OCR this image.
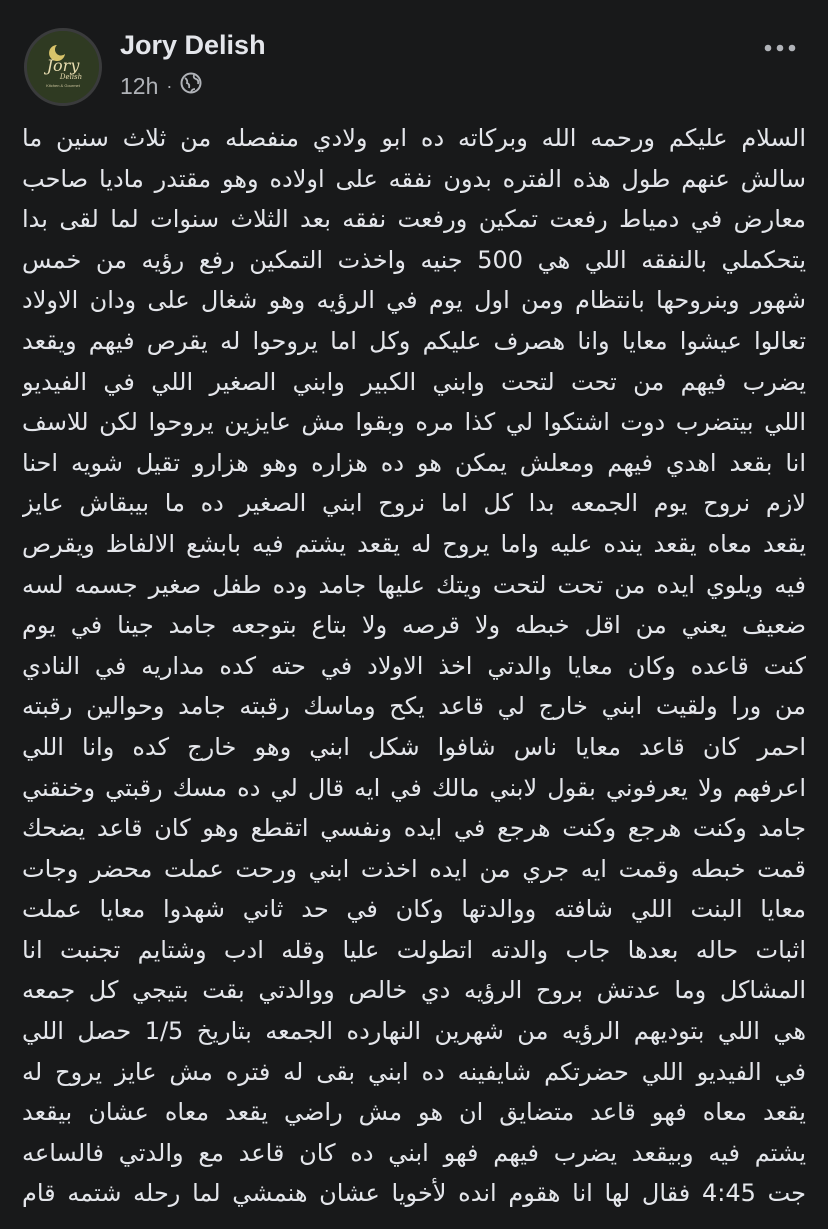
Jory
Delish
Kitchen & Gourmet
Jory Delish
12h ·
السلام عليكم ورحمه الله وبركاته ده ابو ولادي منفصله من ثلاث سنين ما
سالش عنهم طول هذه الفتره بدون نفقه على اولاده وهو مقتدر ماديا صاحب
معارض في دمياط رفعت تمكين ورفعت نفقه بعد الثلاث سنوات لما لقى بدا
يتحكملي بالنفقه اللي هي 500 جنيه واخذت التمكين رفع رؤيه من خمس
شهور وبنروحها بانتظام ومن اول يوم في الرؤيه وهو شغال على ودان الاولاد
تعالوا عيشوا معايا وانا هصرف عليكم وكل اما يروحوا له يقرص فيهم ويقعد
يضرب فيهم من تحت لتحت وابني الكبير وابني الصغير اللي في الفيديو
اللي بيتضرب دوت اشتكوا لي كذا مره وبقوا مش عايزين يروحوا لكن للاسف
انا بقعد اهدي فيهم ومعلش يمكن هو ده هزاره وهو هزارو تقيل شويه احنا
لازم نروح يوم الجمعه بدا كل اما نروح ابني الصغير ده ما بيبقاش عايز
يقعد معاه يقعد ينده عليه واما يروح له يقعد يشتم فيه بابشع الالفاظ ويقرص
فيه ويلوي ايده من تحت لتحت ويتك عليها جامد وده طفل صغير جسمه لسه
ضعيف يعني من اقل خبطه ولا قرصه ولا بتاع بتوجعه جامد جينا في يوم
كنت قاعده وكان معايا والدتي اخذ الاولاد في حته كده مداريه في النادي
من ورا ولقيت ابني خارج لي قاعد يكح وماسك رقبته جامد وحوالين رقبته
احمر كان قاعد معايا ناس شافوا شكل ابني وهو خارج كده وانا اللي
اعرفهم ولا يعرفوني بقول لابني مالك في ايه قال لي ده مسك رقبتي وخنقني
جامد وكنت هرجع وكنت هرجع في ايده ونفسي اتقطع وهو كان قاعد يضحك
قمت خبطه وقمت ايه جري من ايده اخذت ابني ورحت عملت محضر وجات
معايا البنت اللي شافته ووالدتها وكان في حد ثاني شهدوا معايا عملت
اثبات حاله بعدها جاب والدته اتطولت عليا وقله ادب وشتايم تجنبت انا
المشاكل وما عدتش بروح الرؤيه دي خالص ووالدتي بقت بتيجي كل جمعه
هي اللي بتوديهم الرؤيه من شهرين النهارده الجمعه بتاريخ 1/5 حصل اللي
في الفيديو اللي حضرتكم شايفينه ده ابني بقى له فتره مش عايز يروح له
يقعد معاه فهو قاعد متضايق ان هو مش راضي يقعد معاه عشان بيقعد
يشتم فيه وبيقعد يضرب فيهم فهو ابني ده كان قاعد مع والدتي فالساعه
جت 4:45 فقال لها انا هقوم انده لأخويا عشان هنمشي لما رحله شتمه قام
